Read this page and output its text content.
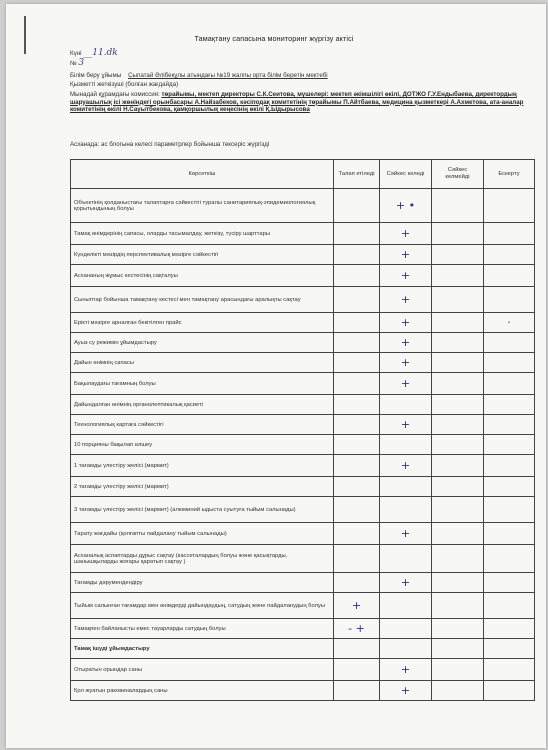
Тамақтану сапасына мониторинг жүргізу актісі
Күні __11.dk
№ 3
Білім беру ұйымы Сыпатай Әлібекұлы атындағы №19 жалпы орта білім беретін мектебі
Қызметті жеткізуші (болған жағдайда)
Мынадай құрамдағы комиссия: төрайымы, мектеп директоры С.К.Сеитова, мүшелері: мектеп әкімшілігі өкілі, ДОТЖО Г.У.Ендыбаева, директордың шаруашылық ісі жөніндегі орынбасары А.Найзабеков, кәсіподақ комитетінің төрайымы П.Айтбаева, медицина қызметкері А.Ахметова, ата-аналар комитетінің өкілі Н.Сауытбекова, қамқоршылық кеңесінің өкілі Қ.Ыдырысова
Асханада: ас блогына келесі параметрлер бойынша тексеріс жүргізді
Көрсеткіш	Талап етіледі	Сәйкес келеді	Сәйкес келмейді	Ескерту
Объектінің қолданыстағы талаптарға сәйкестігі туралы санитариялық-эпидемиологиялық қорытындының болуы		+ •		
Тамақ өнімдерінің сапасы, оларды тасымалдау, жеткізу, түсіру шарттары		+		
Күнделікті мәзірдің перспективалық мәзірге сәйкестігі		+		
Асхананың жұмыс кестесінің сақталуы		+		
Сыныптар бойынша тамақтану кестесі мен тамақтану арасындағы аралықты сақтау		+		
Ерікті мәзірге арналған бекітілген прайс		+		·
Ауыз су режимін ұйымдастыру		+		
Дайын өнімнің сапасы		+		
Бақылаудағы тағамның болуы		+		
Дайындалған өнімнің органолептикалық қасиеті				
Технологиялық картаға сәйкестігі		+		
10 порцияны бақылап өлшеу				
1 тағамды үлестіру желісі (мармит)		+		
2 тағамды үлестіру желісі (мармит)				
3 тағамды үлестіру желісі (мармит) (алюминий ыдыста суытуға тыйым салынады)				
Тарату жағдайы (қолғапты пайдалану тыйым салынады)		+		
Асханалық аспаптарды дұрыс сақтау (кассеталардың болуы және қасықтарды, шанышқыларды жоғары қаратып сақтау )				
Тағамды дәрумендендіру		+		
Тыйым салынған тағамдар мен өнімдерді дайындаудың, сатудың және пайдаланудың болуы	+			
Тамақпен байланысты емес тауарларды сатудың болуы	- +			
Тамақ ішуді ұйымдастыру				
Отыратын орындар саны		+		
Қол жуатын раковиналардың саны		+		
